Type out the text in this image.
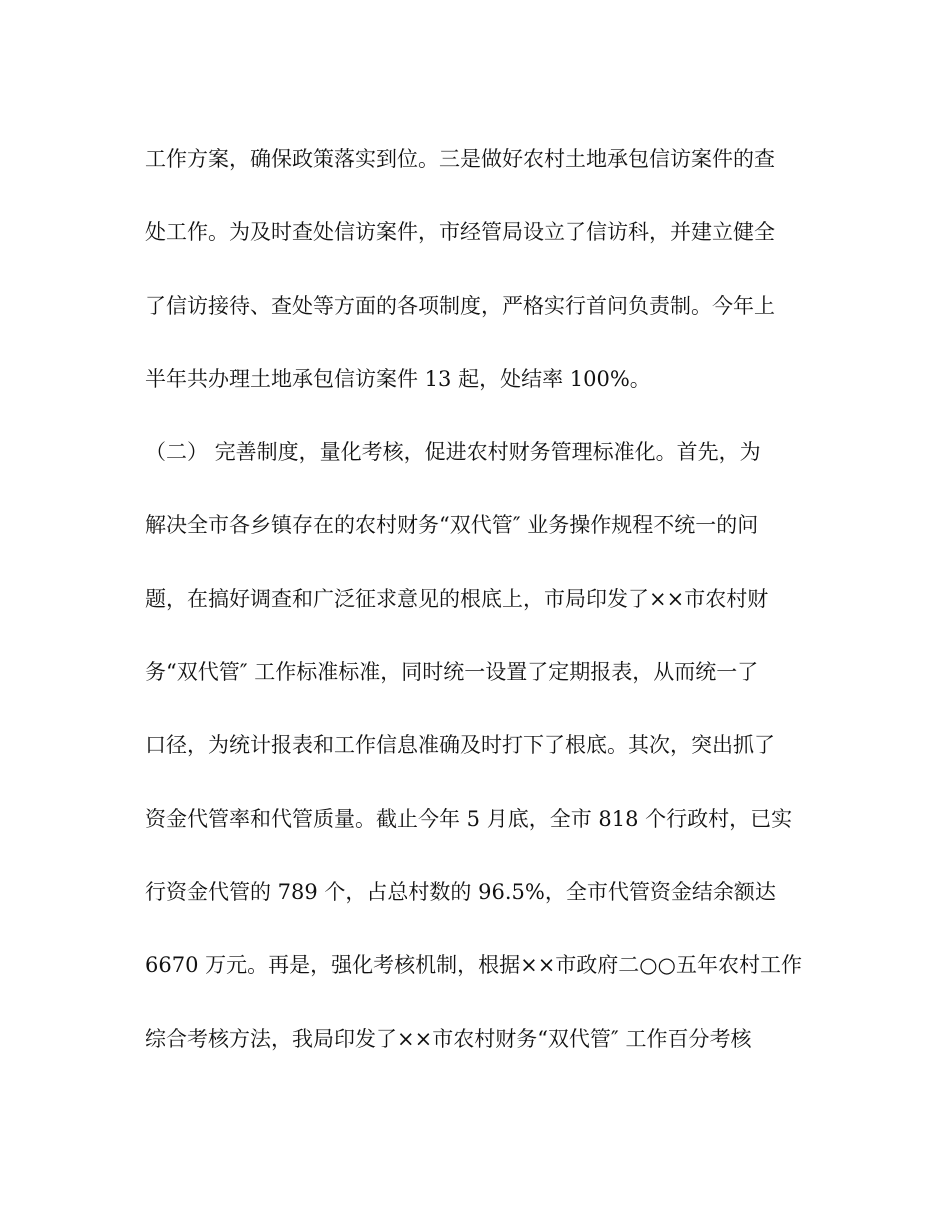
工作方案，确保政策落实到位。三是做好农村土地承包信访案件的查
处工作。为及时查处信访案件，市经管局设立了信访科，并建立健全
了信访接待、查处等方面的各项制度，严格实行首问负责制。今年上
半年共办理土地承包信访案件 13 起，处结率 100%。
（二） 完善制度，量化考核，促进农村财务管理标准化。首先，为
解决全市各乡镇存在的农村财务“双代管″ 业务操作规程不统一的问
题，在搞好调查和广泛征求意见的根底上，市局印发了××市农村财
务“双代管″ 工作标准标准，同时统一设置了定期报表，从而统一了
口径，为统计报表和工作信息准确及时打下了根底。其次，突出抓了
资金代管率和代管质量。截止今年 5 月底，全市 818 个行政村，已实
行资金代管的 789 个，占总村数的 96.5%，全市代管资金结余额达
6670 万元。再是，强化考核机制，根据××市政府二○○五年农村工作
综合考核方法，我局印发了××市农村财务“双代管″ 工作百分考核
